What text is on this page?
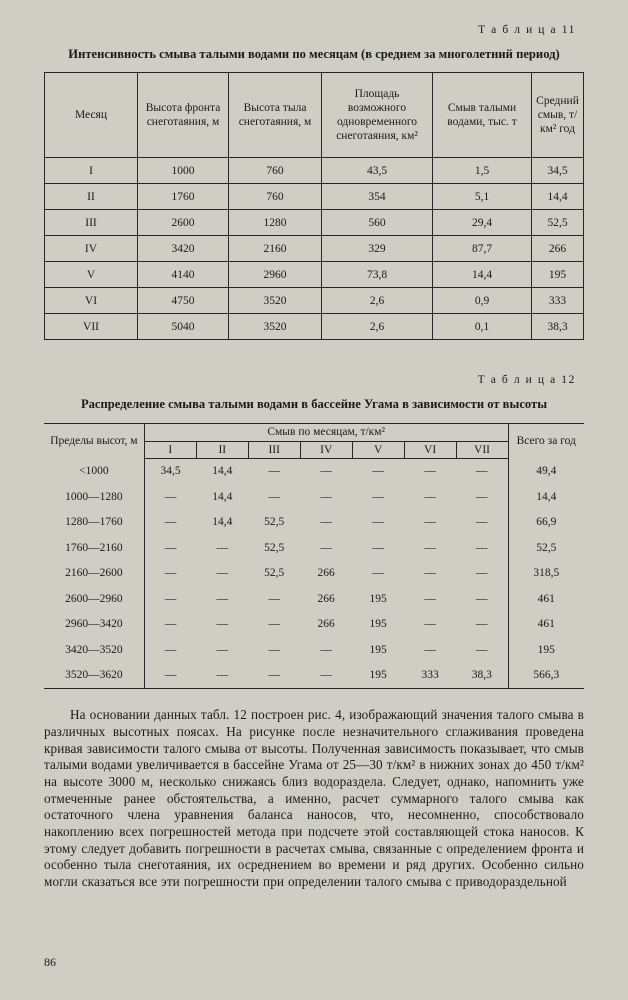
Т а б л и ц а 11
Интенсивность смыва талыми водами по месяцам (в среднем за многолетний период)
Месяц	Высота фронта снеготаяния, м	Высота тыла снеготаяния, м	Площадь возможного одновременного снеготаяния, км²	Смыв талыми водами, тыс. т	Средний смыв, т/км² год
I	1000	760	43,5	1,5	34,5
II	1760	760	354	5,1	14,4
III	2600	1280	560	29,4	52,5
IV	3420	2160	329	87,7	266
V	4140	2960	73,8	14,4	195
VI	4750	3520	2,6	0,9	333
VII	5040	3520	2,6	0,1	38,3
Т а б л и ц а 12
Распределение смыва талыми водами в бассейне Угама в зависимости от высоты
Пределы высот, м	Смыв по месяцам, т/км²							Всего за год
	I	II	III	IV	V	VI	VII	
<1000	34,5	14,4	—	—	—	—	—	49,4
1000—1280	—	14,4	—	—	—	—	—	14,4
1280—1760	—	14,4	52,5	—	—	—	—	66,9
1760—2160	—	—	52,5	—	—	—	—	52,5
2160—2600	—	—	52,5	266	—	—	—	318,5
2600—2960	—	—	—	266	195	—	—	461
2960—3420	—	—	—	266	195	—	—	461
3420—3520	—	—	—	—	195	—	—	195
3520—3620	—	—	—	—	195	333	38,3	566,3

На основании данных табл. 12 построен рис. 4, изображающий значения талого смыва в различных высотных поясах. На рисунке после незначительного сглаживания проведена кривая зависимости талого смыва от высоты. Полученная зависимость показывает, что смыв талыми водами увеличивается в бассейне Угама от 25—30 т/км² в нижних зонах до 450 т/км² на высоте 3000 м, несколько снижаясь близ водораздела. Следует, однако, напомнить уже отмеченные ранее обстоятельства, а именно, расчет суммарного талого смыва как остаточного члена уравнения баланса наносов, что, несомненно, способствовало накоплению всех погрешностей метода при подсчете этой составляющей стока наносов. К этому следует добавить погрешности в расчетах смыва, связанные с определением фронта и особенно тыла снеготаяния, их осреднением во времени и ряд других. Особенно сильно могли сказаться все эти погрешности при определении талого смыва с приводораздельной

86
